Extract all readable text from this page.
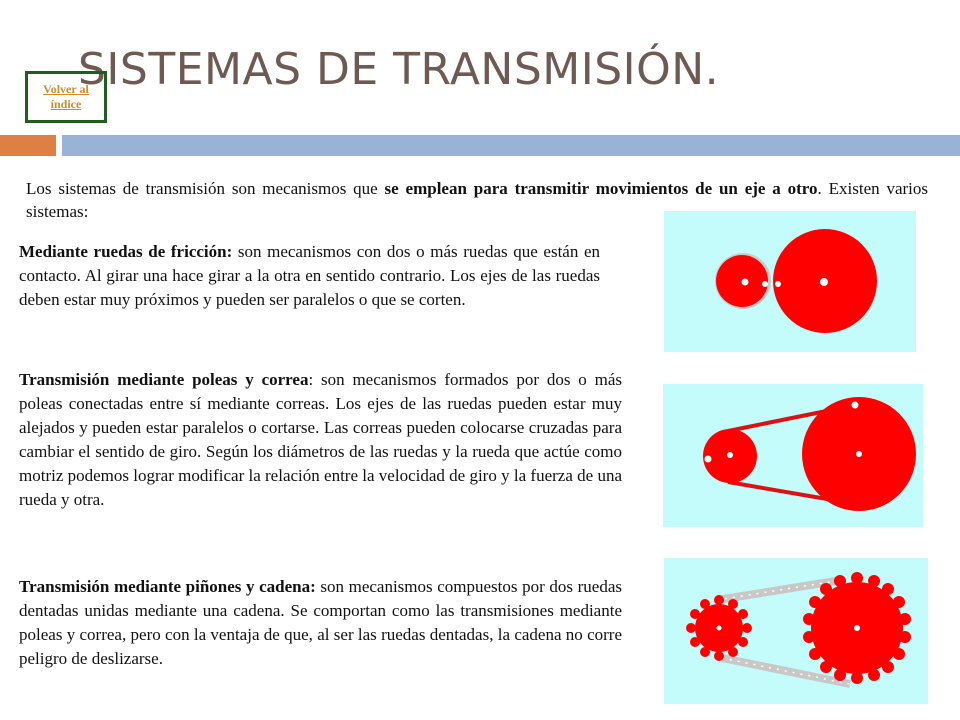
SISTEMAS DE TRANSMISIÓN.
Volver al
índice
Los sistemas de transmisión son mecanismos que se emplean para transmitir movimientos de un eje a otro. Existen varios sistemas:
Mediante ruedas de fricción: son mecanismos con dos o más ruedas que están en contacto. Al girar una hace girar a la otra en sentido contrario. Los ejes de las ruedas deben estar muy próximos y pueden ser paralelos o que se corten.
Transmisión mediante poleas y correa: son mecanismos formados por dos o más poleas conectadas entre sí mediante correas. Los ejes de las ruedas pueden estar muy alejados y pueden estar paralelos o cortarse. Las correas pueden colocarse cruzadas para cambiar el sentido de giro. Según los diámetros de las ruedas y la rueda que actúe como motriz podemos lograr modificar la relación entre la velocidad de giro y la fuerza de una rueda y otra.
Transmisión mediante piñones y cadena: son mecanismos compuestos por dos ruedas dentadas unidas mediante una cadena. Se comportan como las transmisiones mediante poleas y correa, pero con la ventaja de que, al ser las ruedas dentadas, la cadena no corre peligro de deslizarse.
